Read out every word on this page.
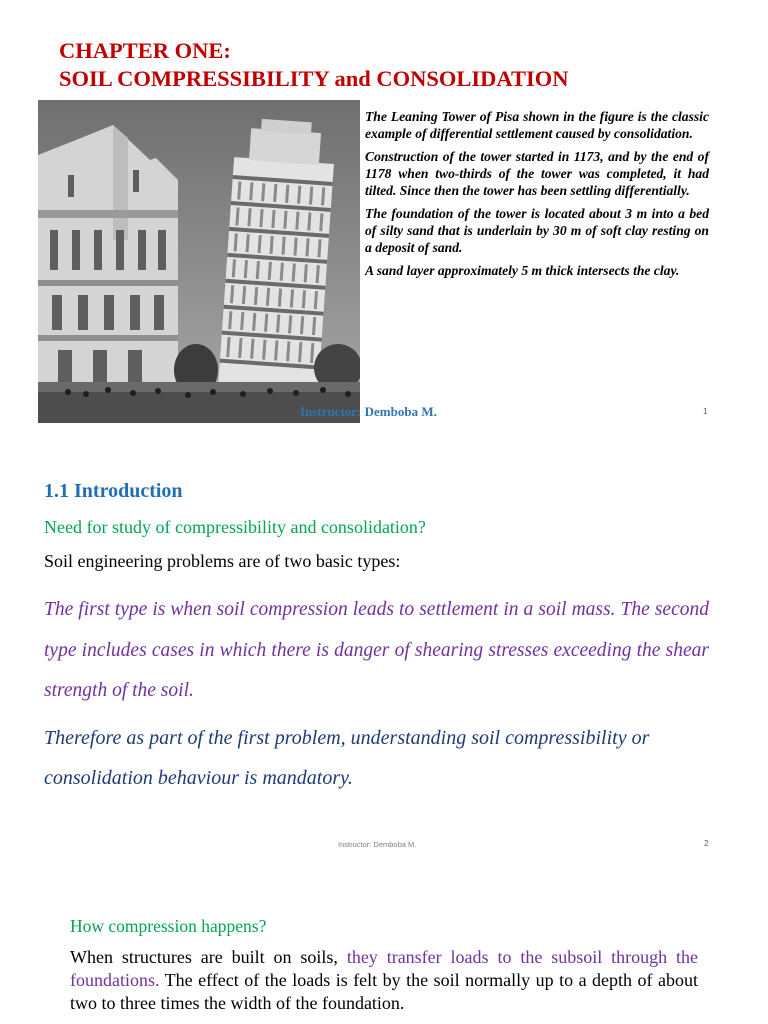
CHAPTER ONE:
SOIL COMPRESSIBILITY and CONSOLIDATION

The Leaning Tower of Pisa shown in the figure is the classic example of differential settlement caused by consolidation.

Construction of the tower started in 1173, and by the end of 1178 when two-thirds of the tower was completed, it had tilted. Since then the tower has been settling differentially.

The foundation of the tower is located about 3 m into a bed of silty sand that is underlain by 30 m of soft clay resting on a deposit of sand.

A sand layer approximately 5 m thick intersects the clay.

Instructor: Demboba M.	1
1.1 Introduction
Need for study of compressibility and consolidation?
Soil engineering problems are of two basic types:
The first type is when soil compression leads to settlement in a soil mass. The second type includes cases in which there is danger of shearing stresses exceeding the shear strength of the soil.
Therefore as part of the first problem, understanding soil compressibility or consolidation behaviour is mandatory.
Instructor: Demboba M.	2
How compression happens?
When structures are built on soils, they transfer loads to the subsoil through the foundations. The effect of the loads is felt by the soil normally up to a depth of about two to three times the width of the foundation.
